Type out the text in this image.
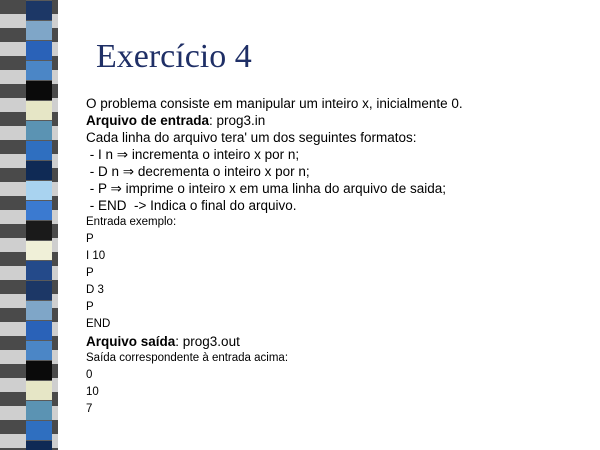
Exercício 4
O problema consiste em manipular um inteiro x, inicialmente 0.
Arquivo de entrada: prog3.in
Cada linha do arquivo tera' um dos seguintes formatos:
- I n ⇒ incrementa o inteiro x por n;
- D n ⇒ decrementa o inteiro x por n;
- P ⇒ imprime o inteiro x em uma linha do arquivo de saida;
- END  -> Indica o final do arquivo.
Entrada exemplo:
P
I 10
P
D 3
P
END
Arquivo saída: prog3.out
Saída correspondente à entrada acima:
0
10
7
